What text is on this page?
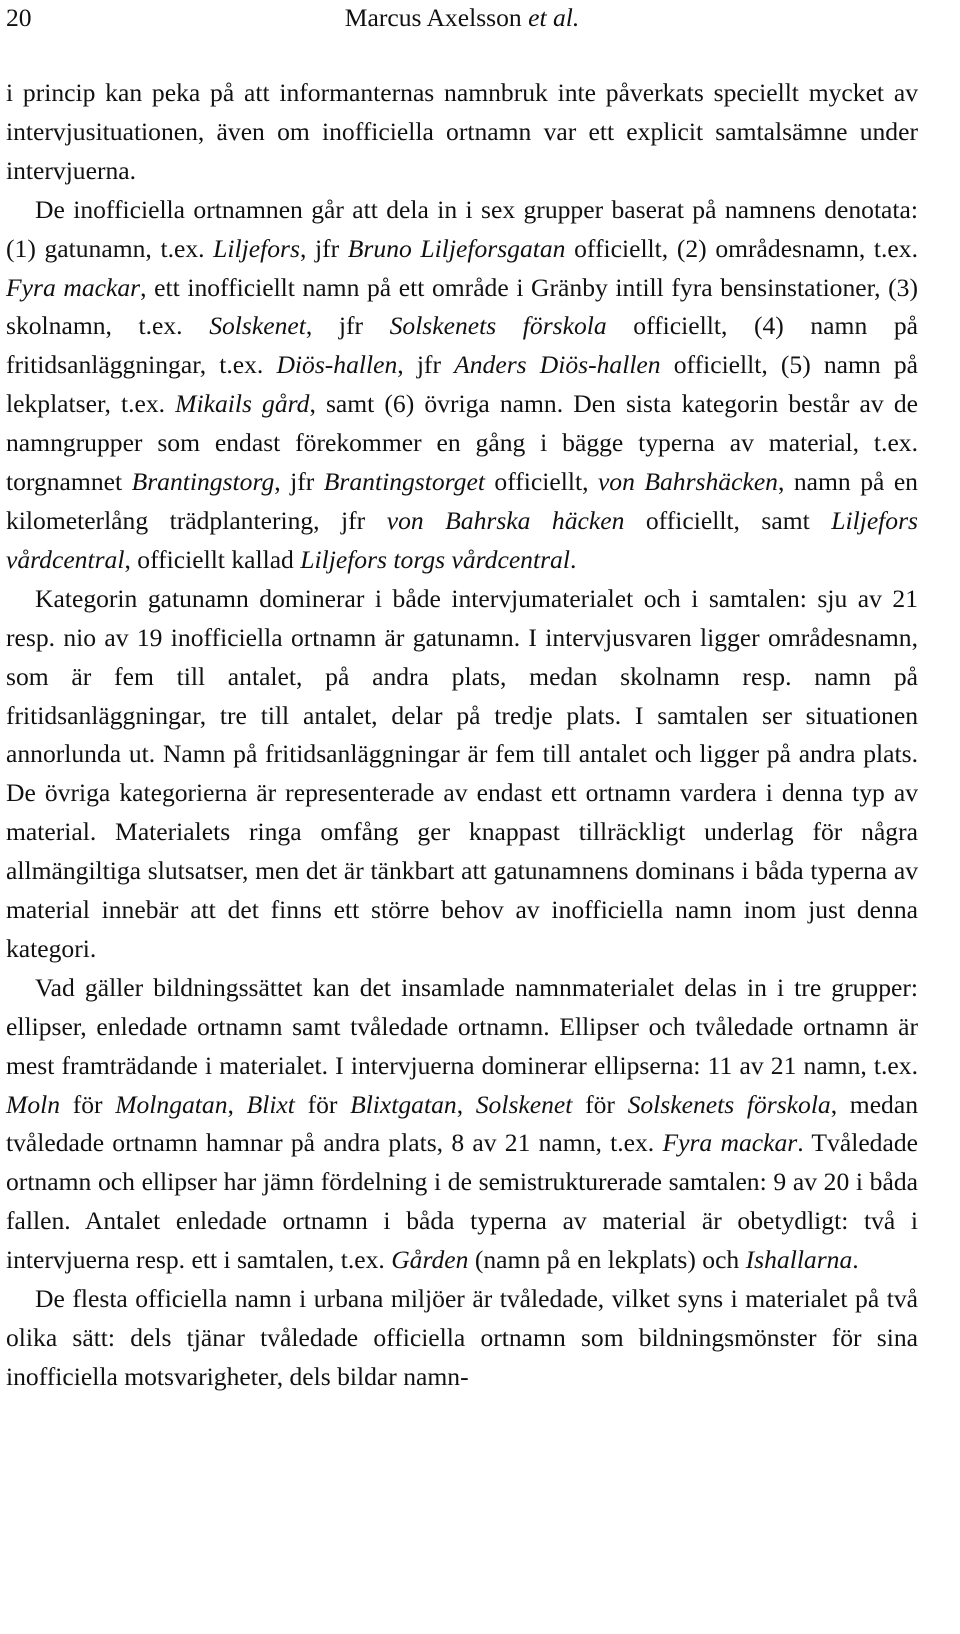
20	Marcus Axelsson et al.

i princip kan peka på att informanternas namnbruk inte påverkats speciellt mycket av intervjusituationen, även om inofficiella ortnamn var ett explicit samtalsämne under intervjuerna.

De inofficiella ortnamnen går att dela in i sex grupper baserat på namnens denotata: (1) gatunamn, t.ex. Liljefors, jfr Bruno Liljeforsgatan officiellt, (2) områdesnamn, t.ex. Fyra mackar, ett inofficiellt namn på ett område i Gränby intill fyra bensinstationer, (3) skolnamn, t.ex. Solskenet, jfr Solskenets förskola officiellt, (4) namn på fritidsanläggningar, t.ex. Diös-hallen, jfr Anders Diös-hallen officiellt, (5) namn på lekplatser, t.ex. Mikails gård, samt (6) övriga namn. Den sista kategorin består av de namngrupper som endast förekommer en gång i bägge typerna av material, t.ex. torgnamnet Brantingstorg, jfr Brantingstorget officiellt, von Bahrshäcken, namn på en kilometerlång trädplantering, jfr von Bahrska häcken officiellt, samt Liljefors vårdcentral, officiellt kallad Liljefors torgs vårdcentral.

Kategorin gatunamn dominerar i både intervjumaterialet och i samtalen: sju av 21 resp. nio av 19 inofficiella ortnamn är gatunamn. I intervjusvaren ligger områdesnamn, som är fem till antalet, på andra plats, medan skolnamn resp. namn på fritidsanläggningar, tre till antalet, delar på tredje plats. I samtalen ser situationen annorlunda ut. Namn på fritidsanläggningar är fem till antalet och ligger på andra plats. De övriga kategorierna är representerade av endast ett ortnamn vardera i denna typ av material. Materialets ringa omfång ger knappast tillräckligt underlag för några allmängiltiga slutsatser, men det är tänkbart att gatunamnens dominans i båda typerna av material innebär att det finns ett större behov av inofficiella namn inom just denna kategori.

Vad gäller bildningssättet kan det insamlade namnmaterialet delas in i tre grupper: ellipser, enledade ortnamn samt tvåledade ortnamn. Ellipser och tvåledade ortnamn är mest framträdande i materialet. I intervjuerna dominerar ellipserna: 11 av 21 namn, t.ex. Moln för Molngatan, Blixt för Blixtgatan, Solskenet för Solskenets förskola, medan tvåledade ortnamn hamnar på andra plats, 8 av 21 namn, t.ex. Fyra mackar. Tvåledade ortnamn och ellipser har jämn fördelning i de semistrukturerade samtalen: 9 av 20 i båda fallen. Antalet enledade ortnamn i båda typerna av material är obetydligt: två i intervjuerna resp. ett i samtalen, t.ex. Gården (namn på en lekplats) och Ishallarna.

De flesta officiella namn i urbana miljöer är tvåledade, vilket syns i materialet på två olika sätt: dels tjänar tvåledade officiella ortnamn som bildningsmönster för sina inofficiella motsvarigheter, dels bildar namn-
